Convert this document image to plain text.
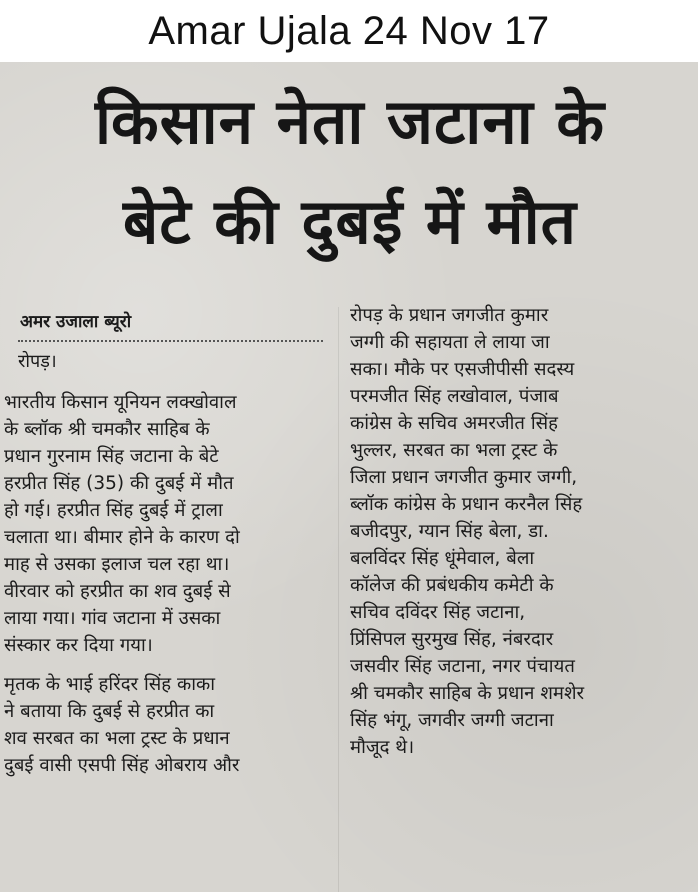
Amar Ujala 24 Nov 17
किसान नेता जटाना के
बेटे की दुबई में मौत
अमर उजाला ब्यूरो
रोपड़।
भारतीय किसान यूनियन लक्खोवाल
के ब्लॉक श्री चमकौर साहिब के
प्रधान गुरनाम सिंह जटाना के बेटे
हरप्रीत सिंह (35) की दुबई में मौत
हो गई। हरप्रीत सिंह दुबई में ट्राला
चलाता था। बीमार होने के कारण दो
माह से उसका इलाज चल रहा था।
वीरवार को हरप्रीत का शव दुबई से
लाया गया। गांव जटाना में उसका
संस्कार कर दिया गया।
मृतक के भाई हरिंदर सिंह काका
ने बताया कि दुबई से हरप्रीत का
शव सरबत का भला ट्रस्ट के प्रधान
दुबई वासी एसपी सिंह ओबराय और
रोपड़ के प्रधान जगजीत कुमार
जग्गी की सहायता ले लाया जा
सका। मौके पर एसजीपीसी सदस्य
परमजीत सिंह लखोवाल, पंजाब
कांग्रेस के सचिव अमरजीत सिंह
भुल्लर, सरबत का भला ट्रस्ट के
जिला प्रधान जगजीत कुमार जग्गी,
ब्लॉक कांग्रेस के प्रधान करनैल सिंह
बजीदपुर, ग्यान सिंह बेला, डा.
बलविंदर सिंह धूंमेवाल, बेला
कॉलेज की प्रबंधकीय कमेटी के
सचिव दविंदर सिंह जटाना,
प्रिंसिपल सुरमुख सिंह, नंबरदार
जसवीर सिंह जटाना, नगर पंचायत
श्री चमकौर साहिब के प्रधान शमशेर
सिंह भंगू, जगवीर जग्गी जटाना
मौजूद थे।
